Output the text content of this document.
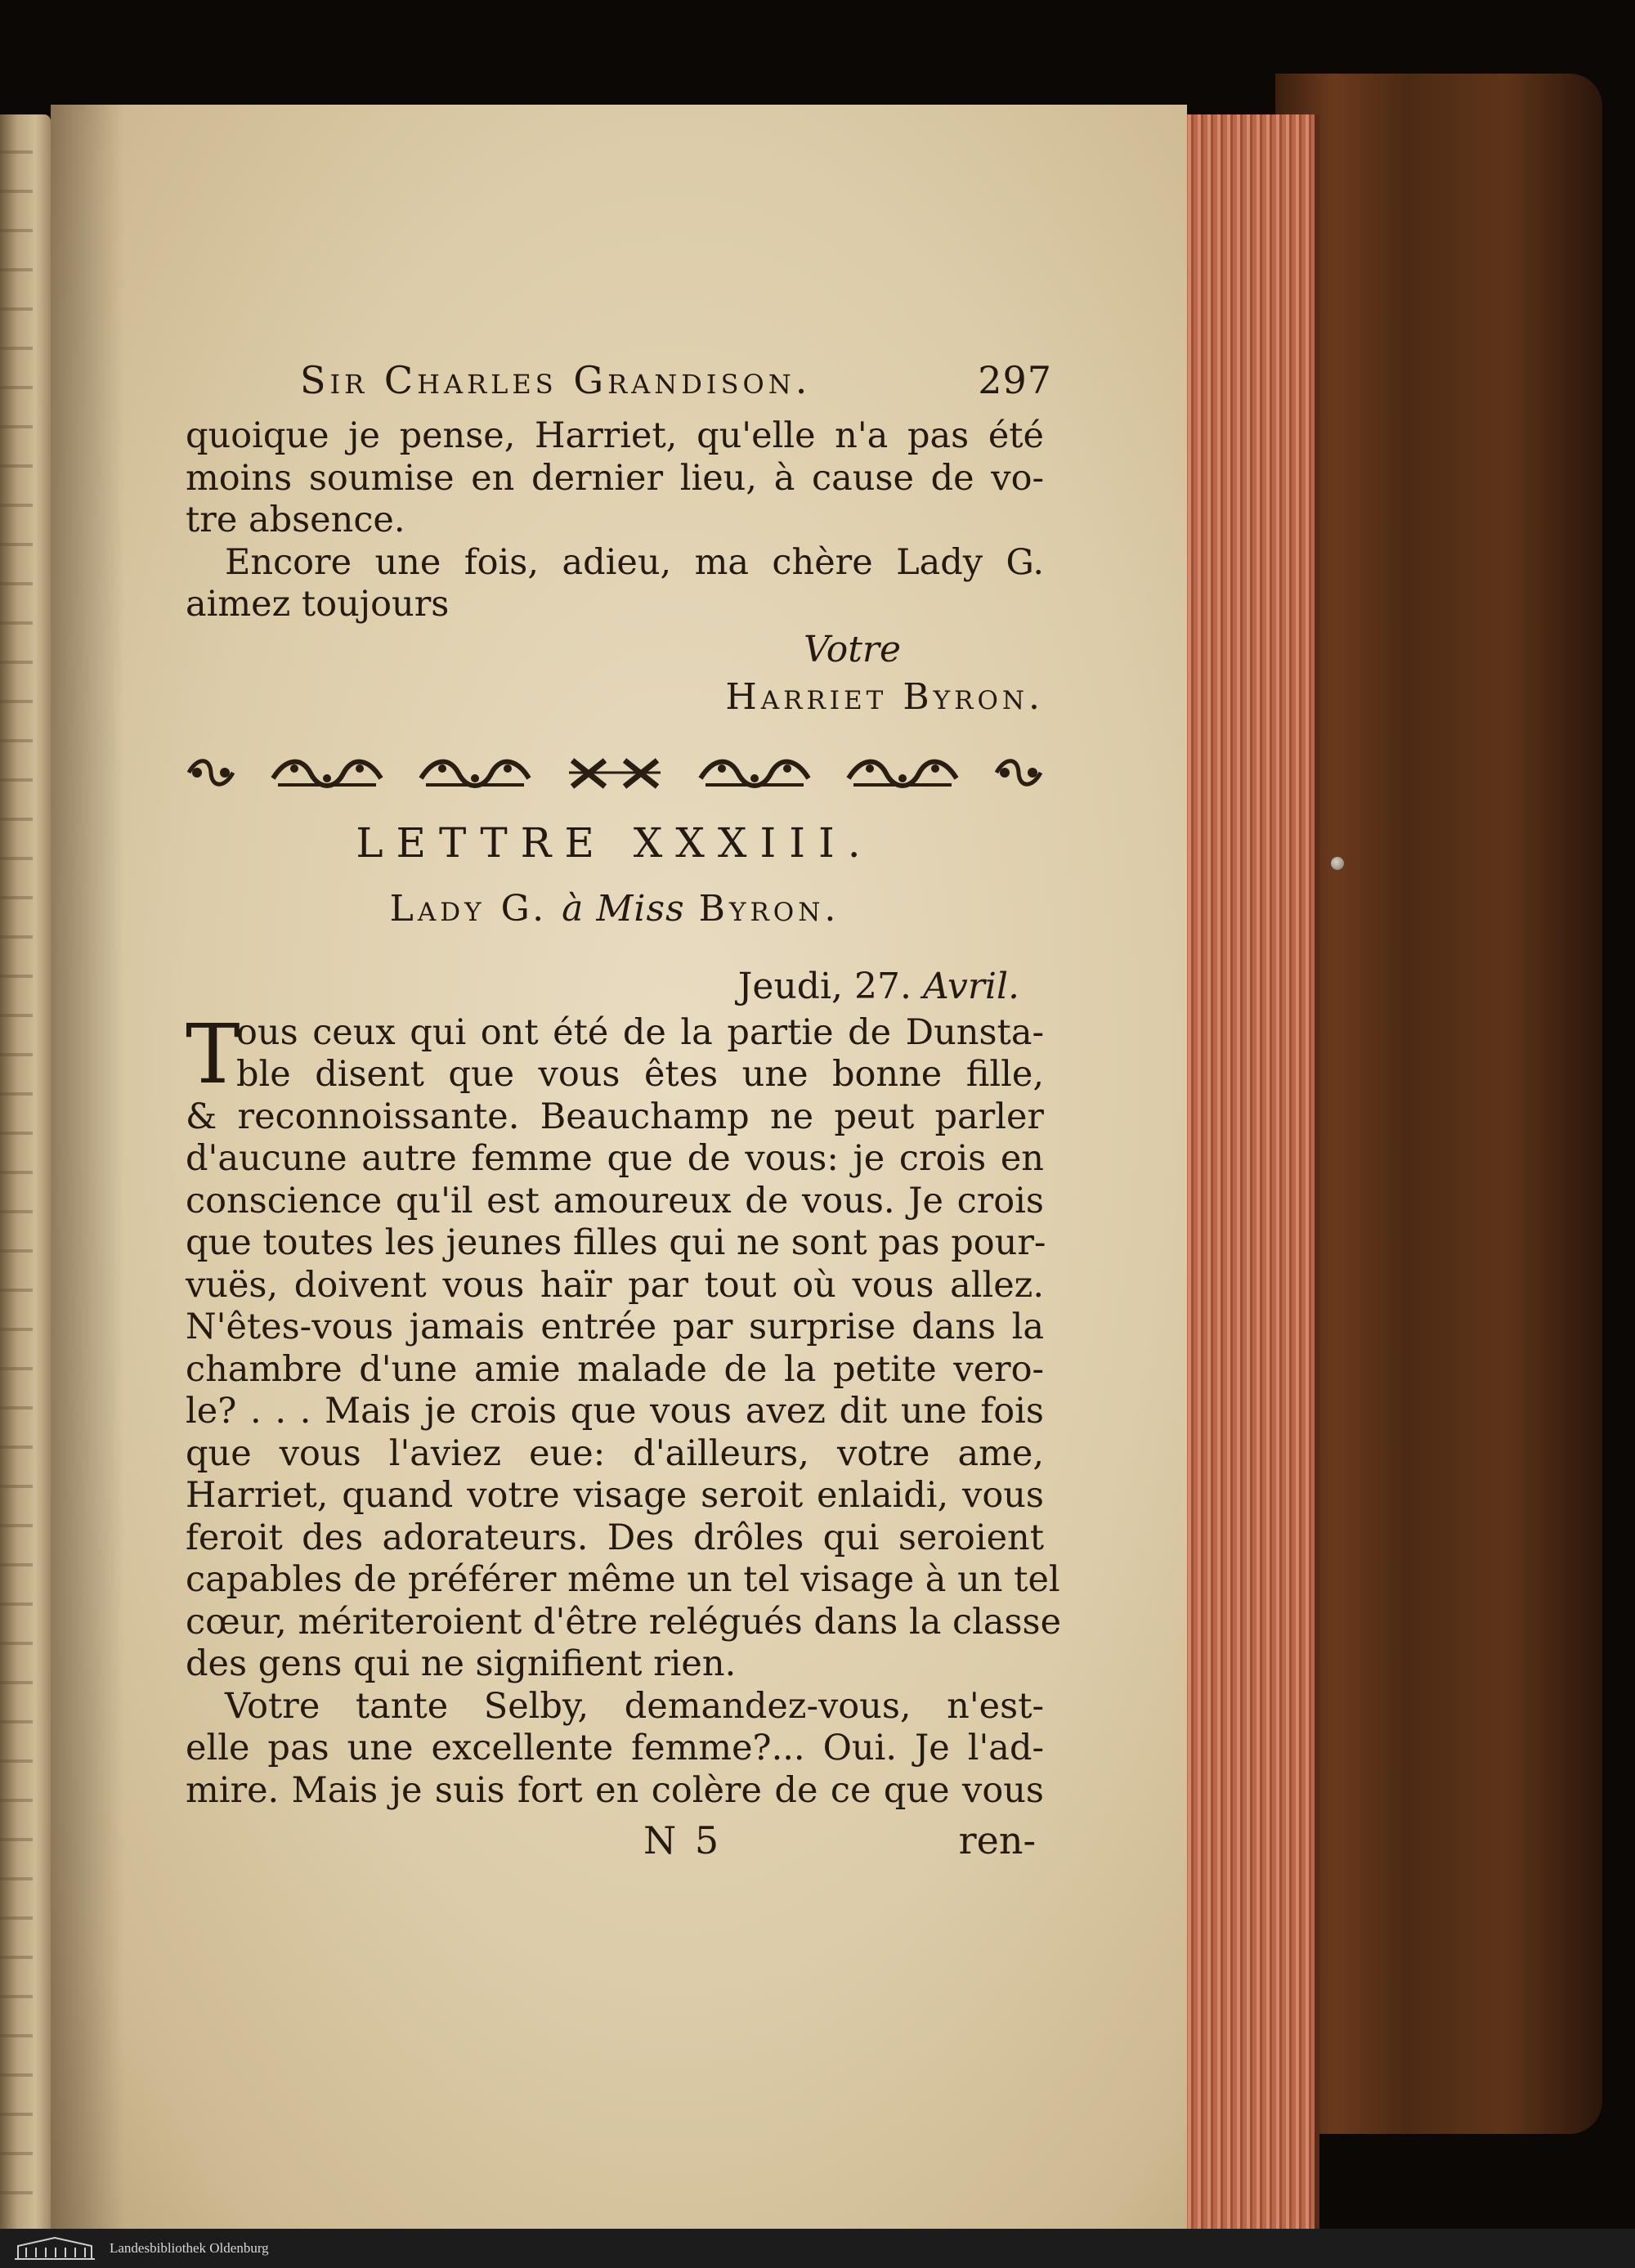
Sir Charles Grandison.	297
quoique je pense, Harriet, qu'elle n'a pas été
moins soumise en dernier lieu, à cause de vo-
tre absence.
Encore une fois, adieu, ma chère Lady G.
aimez toujours
Votre
Harriet Byron.
LETTRE XXXIII.
Lady G. à Miss Byron.
Jeudi, 27. Avril.
T
ous ceux qui ont été de la partie de Dunsta-
ble disent que vous êtes une bonne fille,
& reconnoissante. Beauchamp ne peut parler
d'aucune autre femme que de vous: je crois en
conscience qu'il est amoureux de vous. Je crois
que toutes les jeunes filles qui ne sont pas pour-
vuës, doivent vous haïr par tout où vous allez.
N'êtes-vous jamais entrée par surprise dans la
chambre d'une amie malade de la petite vero-
le? . . . Mais je crois que vous avez dit une fois
que vous l'aviez eue: d'ailleurs, votre ame,
Harriet, quand votre visage seroit enlaidi, vous
feroit des adorateurs. Des drôles qui seroient
capables de préférer même un tel visage à un tel
cœur, mériteroient d'être relégués dans la classe
des gens qui ne signifient rien.
Votre tante Selby, demandez-vous, n'est-
elle pas une excellente femme?... Oui. Je l'ad-
mire. Mais je suis fort en colère de ce que vous
N 5	ren-
Landesbibliothek Oldenburg
